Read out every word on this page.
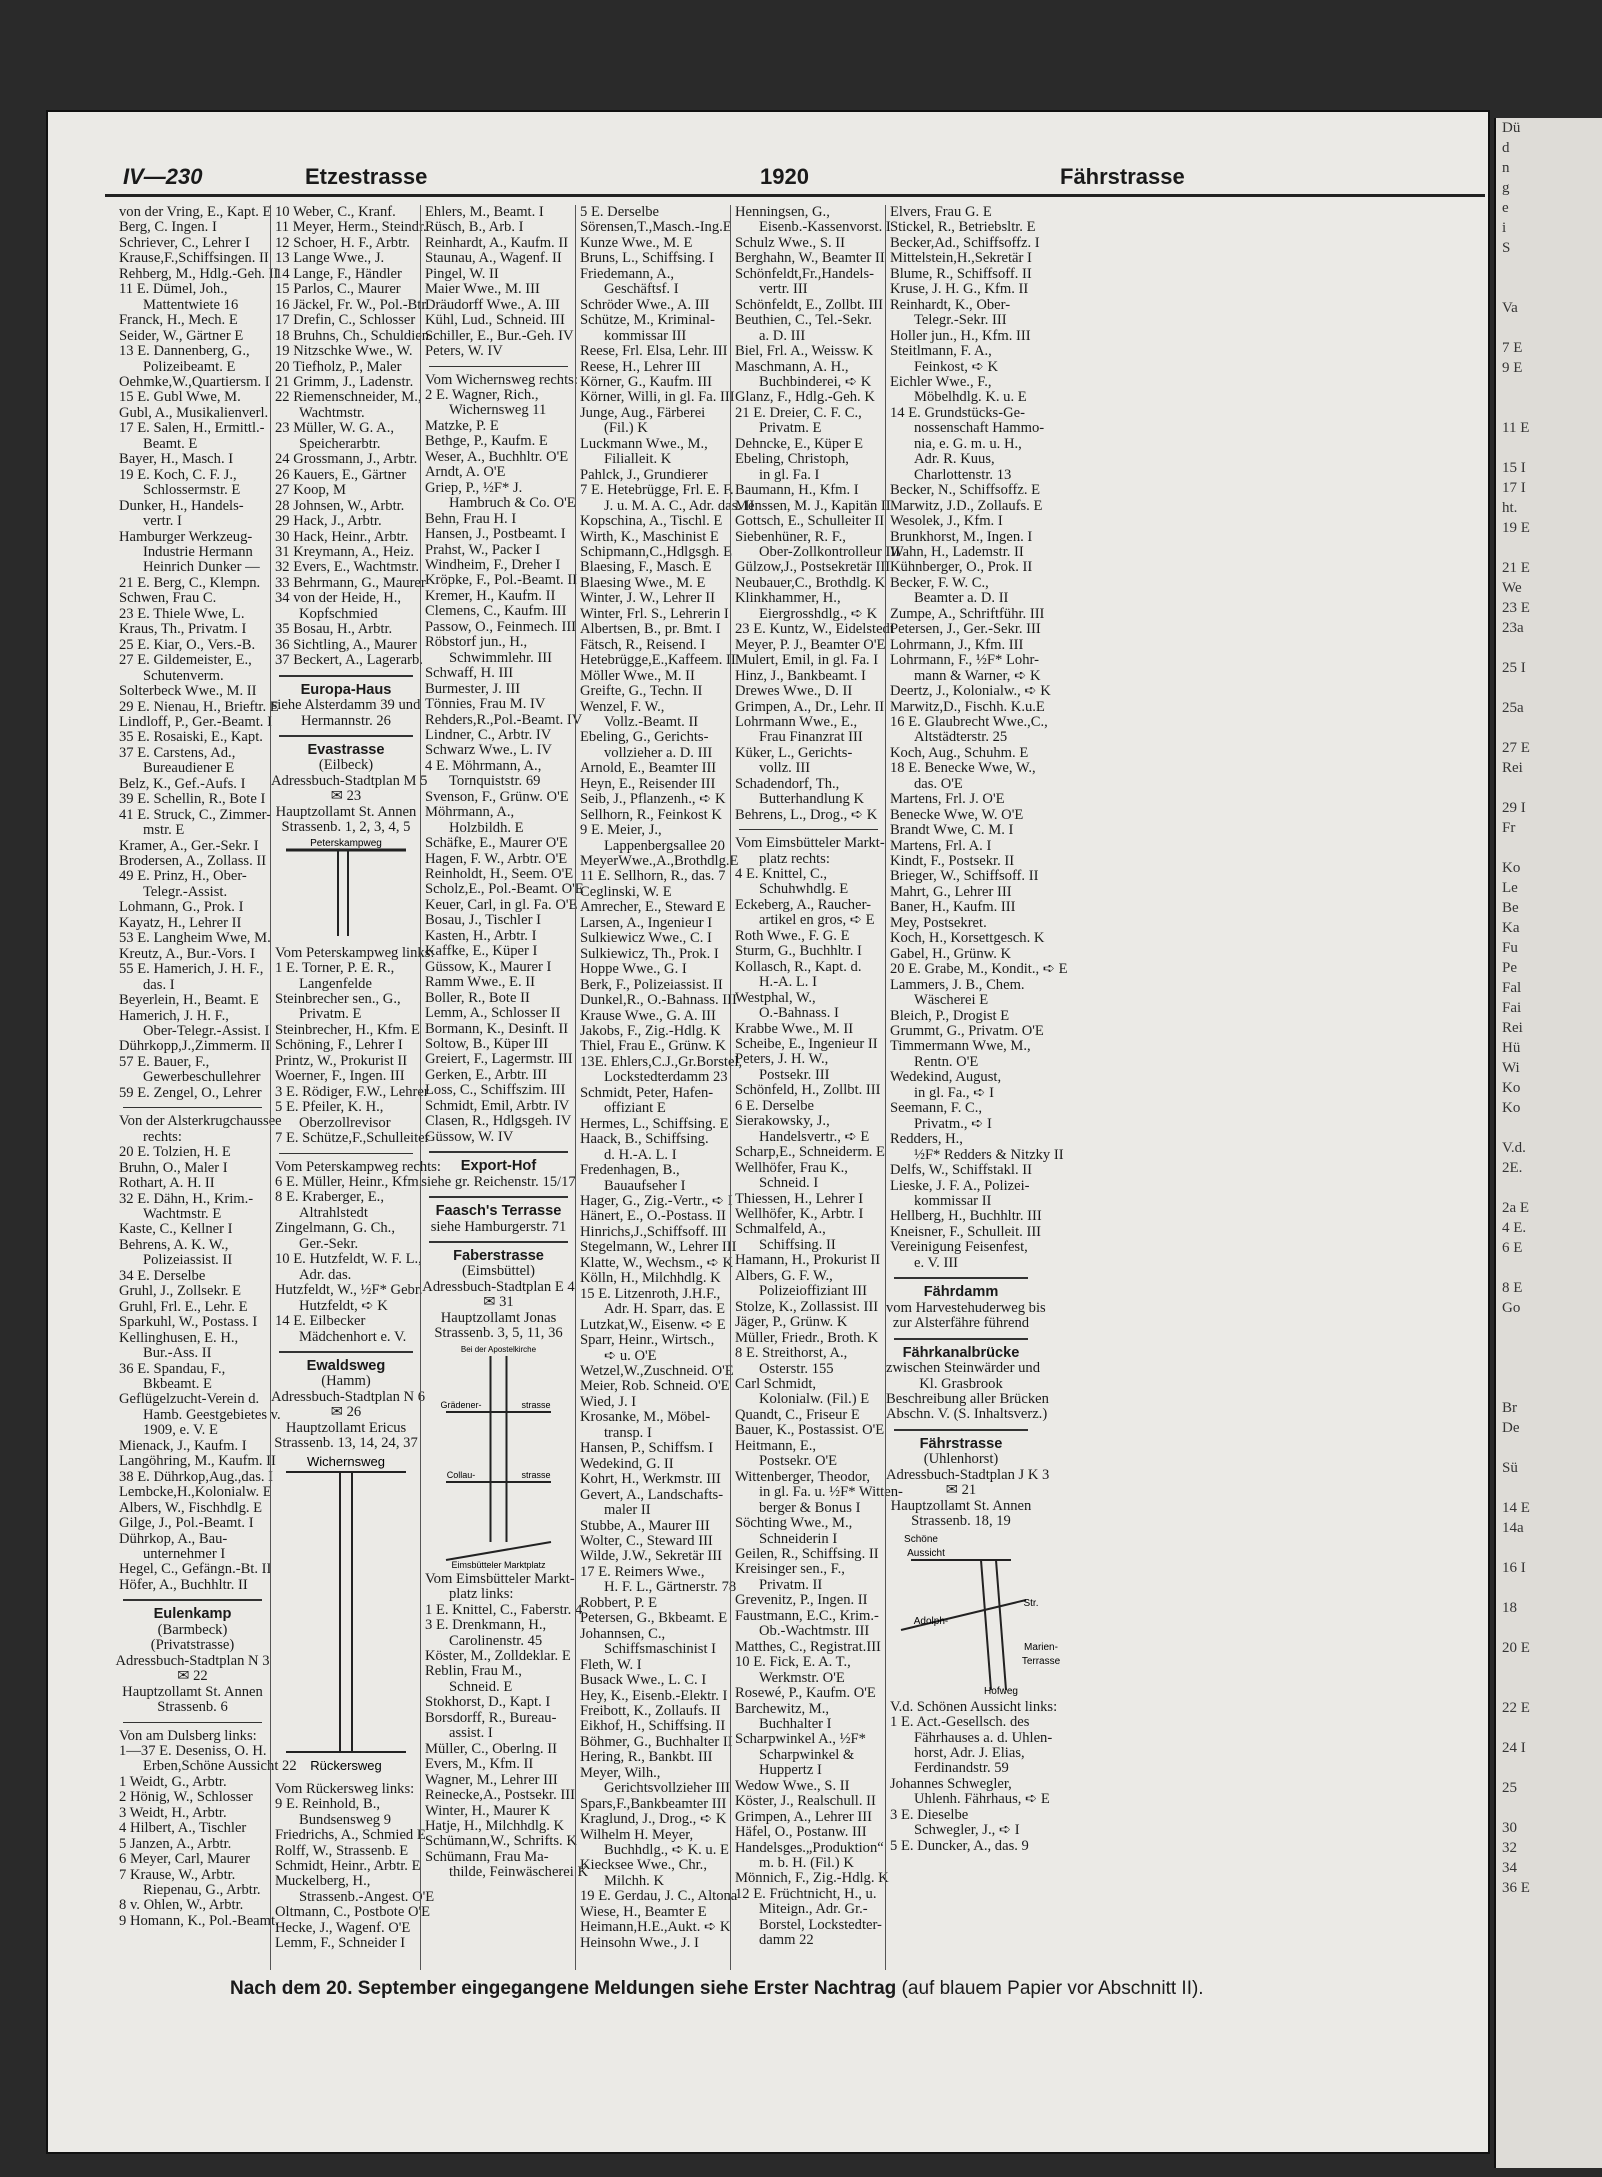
Dü
d
n
g
e
i
S

Va

7 E
9 E

11 E

15 I
17 I
ht.
19 E

21 E
We
23 E
23a

25 I

25a

27 E
Rei

29 I
Fr

Ko
Le
Be
Ka
Fu
Pe
Fal
Fai
Rei
Hü
Wi
Ko
Ko

V.d.
2E.

2a E
4 E.
6 E

8 E
Go

Br
De

Sü

14 E
14a

16 I

18

20 E

22 E

24 I

25

30
32
34
36 E
IV—230	Etzestrasse	1920	Fährstrasse
von der Vring, E., Kapt. E
Berg, C. Ingen. I
Schriever, C., Lehrer I
Krause,F.,Schiffsingen. II
Rehberg, M., Hdlg.-Geh. II
11 E. Dümel, Joh.,
Mattentwiete 16
Franck, H., Mech. E
Seider, W., Gärtner E
13 E. Dannenberg, G.,
Polizeibeamt. E
Oehmke,W.,Quartiersm. I
15 E. Gubl Wwe, M.
Gubl, A., Musikalienverl.
17 E. Salen, H., Ermittl.-
Beamt. E
Bayer, H., Masch. I
19 E. Koch, C. F. J.,
Schlossermstr. E
Dunker, H., Handels-
vertr. I
Hamburger Werkzeug-
Industrie Hermann
Heinrich Dunker —
21 E. Berg, C., Klempn.
Schwen, Frau C.
23 E. Thiele Wwe, L.
Kraus, Th., Privatm. I
25 E. Kiar, O., Vers.-B.
27 E. Gildemeister, E.,
Schutenverm.
Solterbeck Wwe., M. II
29 E. Nienau, H., Brieftr. E
Lindloff, P., Ger.-Beamt. I
35 E. Rosaiski, E., Kapt.
37 E. Carstens, Ad.,
Bureaudiener E
Belz, K., Gef.-Aufs. I
39 E. Schellin, R., Bote I
41 E. Struck, C., Zimmer-
mstr. E
Kramer, A., Ger.-Sekr. I
Brodersen, A., Zollass. II
49 E. Prinz, H., Ober-
Telegr.-Assist.
Lohmann, G., Prok. I
Kayatz, H., Lehrer II
53 E. Langheim Wwe, M.
Kreutz, A., Bur.-Vors. I
55 E. Hamerich, J. H. F.,
das. I
Beyerlein, H., Beamt. E
Hamerich, J. H. F.,
Ober-Telegr.-Assist. I
Dührkopp,J.,Zimmerm. II
57 E. Bauer, F.,
Gewerbeschullehrer
59 E. Zengel, O., Lehrer
Von der Alsterkrugchaussee
rechts:
20 E. Tolzien, H. E
Bruhn, O., Maler I
Rothart, A. H. II
32 E. Dähn, H., Krim.-
Wachtmstr. E
Kaste, C., Kellner I
Behrens, A. K. W.,
Polizeiassist. II
34 E. Derselbe
Gruhl, J., Zollsekr. E
Gruhl, Frl. E., Lehr. E
Sparkuhl, W., Postass. I
Kellinghusen, E. H.,
Bur.-Ass. II
36 E. Spandau, F.,
Bkbeamt. E
Geflügelzucht-Verein d.
Hamb. Geestgebietes v.
1909, e. V. E
Mienack, J., Kaufm. I
Langöhring, M., Kaufm. II
38 E. Dührkop,Aug.,das. I
Lembcke,H.,Kolonialw. E
Albers, W., Fischhdlg. E
Gilge, J., Pol.-Beamt. I
Dührkop, A., Bau-
unternehmer I
Hegel, C., Gefängn.-Bt. II
Höfer, A., Buchhltr. II
Eulenkamp
(Barmbeck)
(Privatstrasse)
Adressbuch-Stadtplan N 3
✉ 22
Hauptzollamt St. Annen
Strassenb. 6
Von am Dulsberg links:
1—37 E. Deseniss, O. H.
Erben,Schöne Aussicht 22
1 Weidt, G., Arbtr.
2 Hönig, W., Schlosser
3 Weidt, H., Arbtr.
4 Hilbert, A., Tischler
5 Janzen, A., Arbtr.
6 Meyer, Carl, Maurer
7 Krause, W., Arbtr.
Riepenau, G., Arbtr.
8 v. Ohlen, W., Arbtr.
9 Homann, K., Pol.-Beamt.
10 Weber, C., Kranf.
11 Meyer, Herm., Steindr.
12 Schoer, H. F., Arbtr.
13 Lange Wwe., J.
14 Lange, F., Händler
15 Parlos, C., Maurer
16 Jäckel, Fr. W., Pol.-Btr.
17 Drefin, C., Schlosser
18 Bruhns, Ch., Schuldien.
19 Nitzschke Wwe., W.
20 Tiefholz, P., Maler
21 Grimm, J., Ladenstr.
22 Riemenschneider, M.,
Wachtmstr.
23 Müller, W. G. A.,
Speicherarbtr.
24 Grossmann, J., Arbtr.
26 Kauers, E., Gärtner
27 Koop, M
28 Johnsen, W., Arbtr.
29 Hack, J., Arbtr.
30 Hack, Heinr., Arbtr.
31 Kreymann, A., Heiz.
32 Evers, E., Wachtmstr.
33 Behrmann, G., Maurer
34 von der Heide, H.,
Kopfschmied
35 Bosau, H., Arbtr.
36 Sichtling, A., Maurer
37 Beckert, A., Lagerarb.
Europa-Haus
siehe Alsterdamm 39 und
Hermannstr. 26
Evastrasse
(Eilbeck)
Adressbuch-Stadtplan M 5
✉ 23
Hauptzollamt St. Annen
Strassenb. 1, 2, 3, 4, 5
Peterskampweg
Vom Peterskampweg links:
1 E. Torner, P. E. R.,
Langenfelde
Steinbrecher sen., G.,
Privatm. E
Steinbrecher, H., Kfm. E
Schöning, F., Lehrer I
Printz, W., Prokurist II
Woerner, F., Ingen. III
3 E. Rödiger, F.W., Lehrer
5 E. Pfeiler, K. H.,
Oberzollrevisor
7 E. Schütze,F.,Schulleiter
Vom Peterskampweg rechts:
6 E. Müller, Heinr., Kfm.
8 E. Kraberger, E.,
Altrahlstedt
Zingelmann, G. Ch.,
Ger.-Sekr.
10 E. Hutzfeldt, W. F. L.,
Adr. das.
Hutzfeldt, W., ½F* Gebr.
Hutzfeldt, ➪ K
14 E. Eilbecker
Mädchenhort e. V.
Ewaldsweg
(Hamm)
Adressbuch-Stadtplan N 6
✉ 26
Hauptzollamt Ericus
Strassenb. 13, 14, 24, 37
Wichernsweg
Rückersweg
Vom Rückersweg links:
9 E. Reinhold, B.,
Bundsensweg 9
Friedrichs, A., Schmied E
Rolff, W., Strassenb. E
Schmidt, Heinr., Arbtr. E
Muckelberg, H.,
Strassenb.-Angest. O'E
Oltmann, C., Postbote O'E
Hecke, J., Wagenf. O'E
Lemm, F., Schneider I
Ehlers, M., Beamt. I
Rüsch, B., Arb. I
Reinhardt, A., Kaufm. II
Staunau, A., Wagenf. II
Pingel, W. II
Maier Wwe., M. III
Dräudorff Wwe., A. III
Kühl, Lud., Schneid. III
Schiller, E., Bur.-Geh. IV
Peters, W. IV
Vom Wichernsweg rechts:
2 E. Wagner, Rich.,
Wichernsweg 11
Matzke, P. E
Bethge, P., Kaufm. E
Weser, A., Buchhltr. O'E
Arndt, A. O'E
Griep, P., ½F* J.
Hambruch & Co. O'E
Behn, Frau H. I
Hansen, J., Postbeamt. I
Prahst, W., Packer I
Windheim, F., Dreher I
Kröpke, F., Pol.-Beamt. II
Kremer, H., Kaufm. II
Clemens, C., Kaufm. III
Passow, O., Feinmech. III
Röbstorf jun., H.,
Schwimmlehr. III
Schwaff, H. III
Burmester, J. III
Tönnies, Frau M. IV
Rehders,R.,Pol.-Beamt. IV
Lindner, C., Arbtr. IV
Schwarz Wwe., L. IV
4 E. Möhrmann, A.,
Tornquiststr. 69
Svenson, F., Grünw. O'E
Möhrmann, A.,
Holzbildh. E
Schäfke, E., Maurer O'E
Hagen, F. W., Arbtr. O'E
Reinholdt, H., Seem. O'E
Scholz,E., Pol.-Beamt. O'E
Keuer, Carl, in gl. Fa. O'E
Bosau, J., Tischler I
Kasten, H., Arbtr. I
Kaffke, E., Küper I
Güssow, K., Maurer I
Ramm Wwe., E. II
Boller, R., Bote II
Lemm, A., Schlosser II
Bormann, K., Desinft. II
Soltow, B., Küper III
Greiert, F., Lagermstr. III
Gerken, E., Arbtr. III
Loss, C., Schiffszim. III
Schmidt, Emil, Arbtr. IV
Clasen, R., Hdlgsgeh. IV
Güssow, W. IV
Export-Hof
siehe gr. Reichenstr. 15/17
Faasch's Terrasse
siehe Hamburgerstr. 71
Faberstrasse
(Eimsbüttel)
Adressbuch-Stadtplan E 4
✉ 31
Hauptzollamt Jonas
Strassenb. 3, 5, 11, 36
Bei der Apostelkirche
Grädener-	strasse
Collau-	strasse
Eimsbütteler Marktplatz
Vom Eimsbütteler Markt-
platz links:
1 E. Knittel, C., Faberstr. 4
3 E. Drenkmann, H.,
Carolinenstr. 45
Köster, M., Zolldeklar. E
Reblin, Frau M.,
Schneid. E
Stokhorst, D., Kapt. I
Borsdorff, R., Bureau-
assist. I
Müller, C., Oberlng. II
Evers, M., Kfm. II
Wagner, M., Lehrer III
Reinecke,A., Postsekr. III
Winter, H., Maurer K
Hatje, H., Milchhdlg. K
Schümann,W., Schrifts. K
Schümann, Frau Ma-
thilde, Feinwäscherei K
5 E. Derselbe
Sörensen,T.,Masch.-Ing.E
Kunze Wwe., M. E
Bruns, L., Schiffsing. I
Friedemann, A.,
Geschäftsf. I
Schröder Wwe., A. III
Schütze, M., Kriminal-
kommissar III
Reese, Frl. Elsa, Lehr. III
Reese, H., Lehrer III
Körner, G., Kaufm. III
Körner, Willi, in gl. Fa. III
Junge, Aug., Färberei
(Fil.) K
Luckmann Wwe., M.,
Filialleit. K
Pahlck, J., Grundierer
7 E. Hetebrügge, Frl. E. F.
J. u. M. A. C., Adr. das. II
Kopschina, A., Tischl. E
Wirth, K., Maschinist E
Schipmann,C.,Hdlgsgh. E
Blaesing, F., Masch. E
Blaesing Wwe., M. E
Winter, J. W., Lehrer II
Winter, Frl. S., Lehrerin I
Albertsen, B., pr. Bmt. I
Fätsch, R., Reisend. I
Hetebrügge,E.,Kaffeem. II
Möller Wwe., M. II
Greifte, G., Techn. II
Wenzel, F. W.,
Vollz.-Beamt. II
Ebeling, G., Gerichts-
vollzieher a. D. III
Arnold, E., Beamter III
Heyn, E., Reisender III
Seib, J., Pflanzenh., ➪ K
Sellhorn, R., Feinkost K
9 E. Meier, J.,
Lappenbergsallee 20
MeyerWwe.,A.,Brothdlg.E
11 E. Sellhorn, R., das. 7
Ceglinski, W. E
Amrecher, E., Steward E
Larsen, A., Ingenieur I
Sulkiewicz Wwe., C. I
Sulkiewicz, Th., Prok. I
Hoppe Wwe., G. I
Berk, F., Polizeiassist. II
Dunkel,R., O.-Bahnass. III
Krause Wwe., G. A. III
Jakobs, F., Zig.-Hdlg. K
Thiel, Frau E., Grünw. K
13E. Ehlers,C.J.,Gr.Borstel,
Lockstedterdamm 23
Schmidt, Peter, Hafen-
offiziant E
Hermes, L., Schiffsing. E
Haack, B., Schiffsing.
d. H.-A. L. I
Fredenhagen, B.,
Bauaufseher I
Hager, G., Zig.-Vertr., ➪ I
Hänert, E., O.-Postass. II
Hinrichs,J.,Schiffsoff. III
Stegelmann, W., Lehrer III
Klatte, W., Wechsm., ➪ K
Kölln, H., Milchhdlg. K
15 E. Litzenroth, J.H.F.,
Adr. H. Sparr, das. E
Lutzkat,W., Eisenw. ➪ E
Sparr, Heinr., Wirtsch.,
➪ u. O'E
Wetzel,W.,Zuschneid. O'E
Meier, Rob. Schneid. O'E
Wied, J. I
Krosanke, M., Möbel-
transp. I
Hansen, P., Schiffsm. I
Wedekind, G. II
Kohrt, H., Werkmstr. III
Gevert, A., Landschafts-
maler II
Stubbe, A., Maurer III
Wolter, C., Steward III
Wilde, J.W., Sekretär III
17 E. Reimers Wwe.,
H. F. L., Gärtnerstr. 78
Robbert, P. E
Petersen, G., Bkbeamt. E
Johannsen, C.,
Schiffsmaschinist I
Fleth, W. I
Busack Wwe., L. C. I
Hey, K., Eisenb.-Elektr. I
Freibott, K., Zollaufs. II
Eikhof, H., Schiffsing. II
Böhmer, G., Buchhalter II
Hering, R., Bankbt. III
Meyer, Wilh.,
Gerichtsvollzieher III
Spars,F.,Bankbeamter III
Kraglund, J., Drog., ➪ K
Wilhelm H. Meyer,
Buchhdlg., ➪ K. u. E
Kiecksee Wwe., Chr.,
Milchh. K
19 E. Gerdau, J. C., Altona
Wiese, H., Beamter E
Heimann,H.E.,Aukt. ➪ K
Heinsohn Wwe., J. I
Henningsen, G.,
Eisenb.-Kassenvorst. I
Schulz Wwe., S. II
Berghahn, W., Beamter II
Schönfeldt,Fr.,Handels-
vertr. III
Schönfeldt, E., Zollbt. III
Beuthien, C., Tel.-Sekr.
a. D. III
Biel, Frl. A., Weissw. K
Maschmann, A. H.,
Buchbinderei, ➪ K
Glanz, F., Hdlg.-Geh. K
21 E. Dreier, C. F. C.,
Privatm. E
Dehncke, E., Küper E
Ebeling, Christoph,
in gl. Fa. I
Baumann, H., Kfm. I
Menssen, M. J., Kapitän II
Gottsch, E., Schulleiter II
Siebenhüner, R. F.,
Ober-Zollkontrolleur III
Gülzow,J., Postsekretär III
Neubauer,C., Brothdlg. K
Klinkhammer, H.,
Eiergrosshdlg., ➪ K
23 E. Kuntz, W., Eidelstedt
Meyer, P. J., Beamter O'E
Mulert, Emil, in gl. Fa. I
Hinz, J., Bankbeamt. I
Drewes Wwe., D. II
Grimpen, A., Dr., Lehr. II
Lohrmann Wwe., E.,
Frau Finanzrat III
Küker, L., Gerichts-
vollz. III
Schadendorf, Th.,
Butterhandlung K
Behrens, L., Drog., ➪ K
Vom Eimsbütteler Markt-
platz rechts:
4 E. Knittel, C.,
Schuhwhdlg. E
Eckeberg, A., Raucher-
artikel en gros, ➪ E
Roth Wwe., F. G. E
Sturm, G., Buchhltr. I
Kollasch, R., Kapt. d.
H.-A. L. I
Westphal, W.,
O.-Bahnass. I
Krabbe Wwe., M. II
Scheibe, E., Ingenieur II
Peters, J. H. W.,
Postsekr. III
Schönfeld, H., Zollbt. III
6 E. Derselbe
Sierakowsky, J.,
Handelsvertr., ➪ E
Scharp,E., Schneiderm. E
Wellhöfer, Frau K.,
Schneid. I
Thiessen, H., Lehrer I
Wellhöfer, K., Arbtr. I
Schmalfeld, A.,
Schiffsing. II
Hamann, H., Prokurist II
Albers, G. F. W.,
Polizeioffiziant III
Stolze, K., Zollassist. III
Jäger, P., Grünw. K
Müller, Friedr., Broth. K
8 E. Streithorst, A.,
Osterstr. 155
Carl Schmidt,
Kolonialw. (Fil.) E
Quandt, C., Friseur E
Bauer, K., Postassist. O'E
Heitmann, E.,
Postsekr. O'E
Wittenberger, Theodor,
in gl. Fa. u. ½F* Witten-
berger & Bonus I
Söchting Wwe., M.,
Schneiderin I
Geilen, R., Schiffsing. II
Kreisinger sen., F.,
Privatm. II
Grevenitz, P., Ingen. II
Faustmann, E.C., Krim.-
Ob.-Wachtmstr. III
Matthes, C., Registrat.III
10 E. Fick, E. A. T.,
Werkmstr. O'E
Rosewé, P., Kaufm. O'E
Barchewitz, M.,
Buchhalter I
Scharpwinkel A., ½F*
Scharpwinkel &
Huppertz I
Wedow Wwe., S. II
Köster, J., Realschull. II
Grimpen, A., Lehrer III
Häfel, O., Postanw. III
Handelsges.„Produktion“
m. b. H. (Fil.) K
Mönnich, F., Zig.-Hdlg. K
12 E. Früchtnicht, H., u.
Miteign., Adr. Gr.-
Borstel, Lockstedter-
damm 22
Elvers, Frau G. E
Stickel, R., Betriebsltr. E
Becker,Ad., Schiffsoffz. I
Mittelstein,H.,Sekretär I
Blume, R., Schiffsoff. II
Kruse, J. H. G., Kfm. II
Reinhardt, K., Ober-
Telegr.-Sekr. III
Holler jun., H., Kfm. III
Steitlmann, F. A.,
Feinkost, ➪ K
Eichler Wwe., F.,
Möbelhdlg. K. u. E
14 E. Grundstücks-Ge-
nossenschaft Hammo-
nia, e. G. m. u. H.,
Adr. R. Kuus,
Charlottenstr. 13
Becker, N., Schiffsoffz. E
Marwitz, J.D., Zollaufs. E
Wesolek, J., Kfm. I
Brunkhorst, M., Ingen. I
Wahn, H., Lademstr. II
Kühnberger, O., Prok. II
Becker, F. W. C.,
Beamter a. D. II
Zumpe, A., Schriftführ. III
Petersen, J., Ger.-Sekr. III
Lohrmann, J., Kfm. III
Lohrmann, F., ½F* Lohr-
mann & Warner, ➪ K
Deertz, J., Kolonialw., ➪ K
Marwitz,D., Fischh. K.u.E
16 E. Glaubrecht Wwe.,C.,
Altstädterstr. 25
Koch, Aug., Schuhm. E
18 E. Benecke Wwe, W.,
das. O'E
Martens, Frl. J. O'E
Benecke Wwe, W. O'E
Brandt Wwe, C. M. I
Martens, Frl. A. I
Kindt, F., Postsekr. II
Brieger, W., Schiffsoff. II
Mahrt, G., Lehrer III
Baner, H., Kaufm. III
Mey, Postsekret.
Koch, H., Korsettgesch. K
Gabel, H., Grünw. K
20 E. Grabe, M., Kondit., ➪ E
Lammers, J. B., Chem.
Wäscherei E
Bleich, P., Drogist E
Grummt, G., Privatm. O'E
Timmermann Wwe, M.,
Rentn. O'E
Wedekind, August,
in gl. Fa., ➪ I
Seemann, F. C.,
Privatm., ➪ I
Redders, H.,
½F* Redders & Nitzky II
Delfs, W., Schiffstakl. II
Lieske, J. F. A., Polizei-
kommissar II
Hellberg, H., Buchhltr. III
Kneisner, F., Schulleit. III
Vereinigung Feisenfest,
e. V. III
Fährdamm
vom Harvestehuderweg bis
zur Alsterfähre führend
Fährkanalbrücke
zwischen Steinwärder und
Kl. Grasbrook
Beschreibung aller Brücken
Abschn. V. (S. Inhaltsverz.)
Fährstrasse
(Uhlenhorst)
Adressbuch-Stadtplan J K 3
✉ 21
Hauptzollamt St. Annen
Strassenb. 18, 19
Schöne
Aussicht
Adolph-
Str.
Marien-
Terrasse
Hofweg
V.d. Schönen Aussicht links:
1 E. Act.-Gesellsch. des
Fährhauses a. d. Uhlen-
horst, Adr. J. Elias,
Ferdinandstr. 59
Johannes Schwegler,
Uhlenh. Fährhaus, ➪ E
3 E. Dieselbe
Schwegler, J., ➪ I
5 E. Duncker, A., das. 9
Nach dem 20. September eingegangene Meldungen siehe Erster Nachtrag (auf blauem Papier vor Abschnitt II).
